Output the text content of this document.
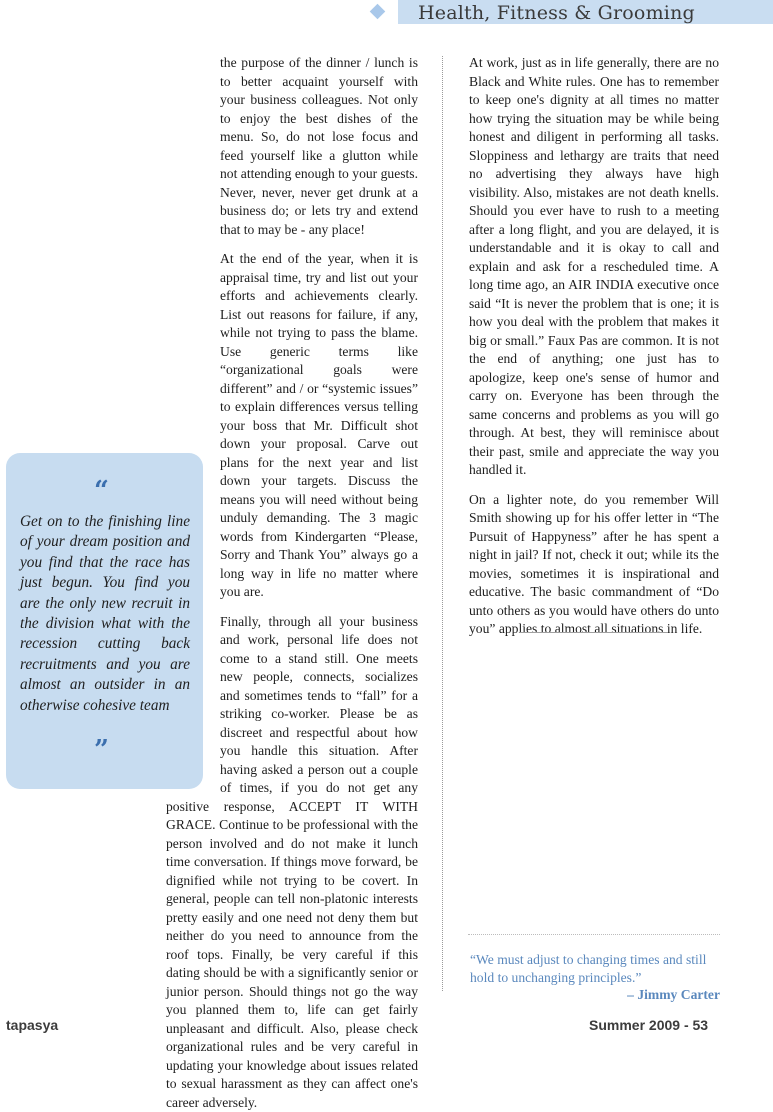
Health, Fitness & Grooming

the purpose of the dinner / lunch is to better acquaint yourself with your business colleagues. Not only to enjoy the best dishes of the menu. So, do not lose focus and feed yourself like a glutton while not attending enough to your guests. Never, never, never get drunk at a business do; or lets try and extend that to may be - any place!

At the end of the year, when it is appraisal time, try and list out your efforts and achievements clearly. List out reasons for failure, if any, while not trying to pass the blame. Use generic terms like “organizational goals were different” and / or “systemic issues” to explain differences versus telling your boss that Mr. Difficult shot down your proposal. Carve out plans for the next year and list down your targets. Discuss the means you will need without being unduly demanding. The 3 magic words from Kindergarten “Please, Sorry and Thank You” always go a long way in life no matter where you are.

Finally, through all your business and work, personal life does not come to a stand still. One meets new people, connects, socializes and sometimes tends to “fall” for a striking co-worker. Please be as discreet and respectful about how you handle this situation. After having asked a person out a couple of times, if you do not get any positive response, ACCEPT IT WITH GRACE. Continue to be professional with the person involved and do not make it lunch time conversation. If things move forward, be dignified while not trying to be covert. In general, people can tell non-platonic interests pretty easily and one need not deny them but neither do you need to announce from the roof tops. Finally, be very careful if this dating should be with a significantly senior or junior person. Should things not go the way you planned them to, life can get fairly unpleasant and difficult. Also, please check organizational rules and be very careful in updating your knowledge about issues related to sexual harassment as they can affect one's career adversely.

At work, just as in life generally, there are no Black and White rules. One has to remember to keep one's dignity at all times no matter how trying the situation may be while being honest and diligent in performing all tasks. Sloppiness and lethargy are traits that need no advertising they always have high visibility. Also, mistakes are not death knells. Should you ever have to rush to a meeting after a long flight, and you are delayed, it is understandable and it is okay to call and explain and ask for a rescheduled time. A long time ago, an AIR INDIA executive once said “It is never the problem that is one; it is how you deal with the problem that makes it big or small.” Faux Pas are common. It is not the end of anything; one just has to apologize, keep one's sense of humor and carry on. Everyone has been through the same concerns and problems as you will go through. At best, they will reminisce about their past, smile and appreciate the way you handled it.

On a lighter note, do you remember Will Smith showing up for his offer letter in “The Pursuit of Happyness” after he has spent a night in jail? If not, check it out; while its the movies, sometimes it is inspirational and educative. The basic commandment of “Do unto others as you would have others do unto you” applies to almost all situations in life.

“
Get on to the finishing line of your dream position and you find that the race has just begun. You find you are the only new recruit in the division what with the recession cutting back recruitments and you are almost an outsider in an otherwise cohesive team
”
“We must adjust to changing times and still hold to unchanging principles.”
– Jimmy Carter
tapasya	Summer 2009 - 53
